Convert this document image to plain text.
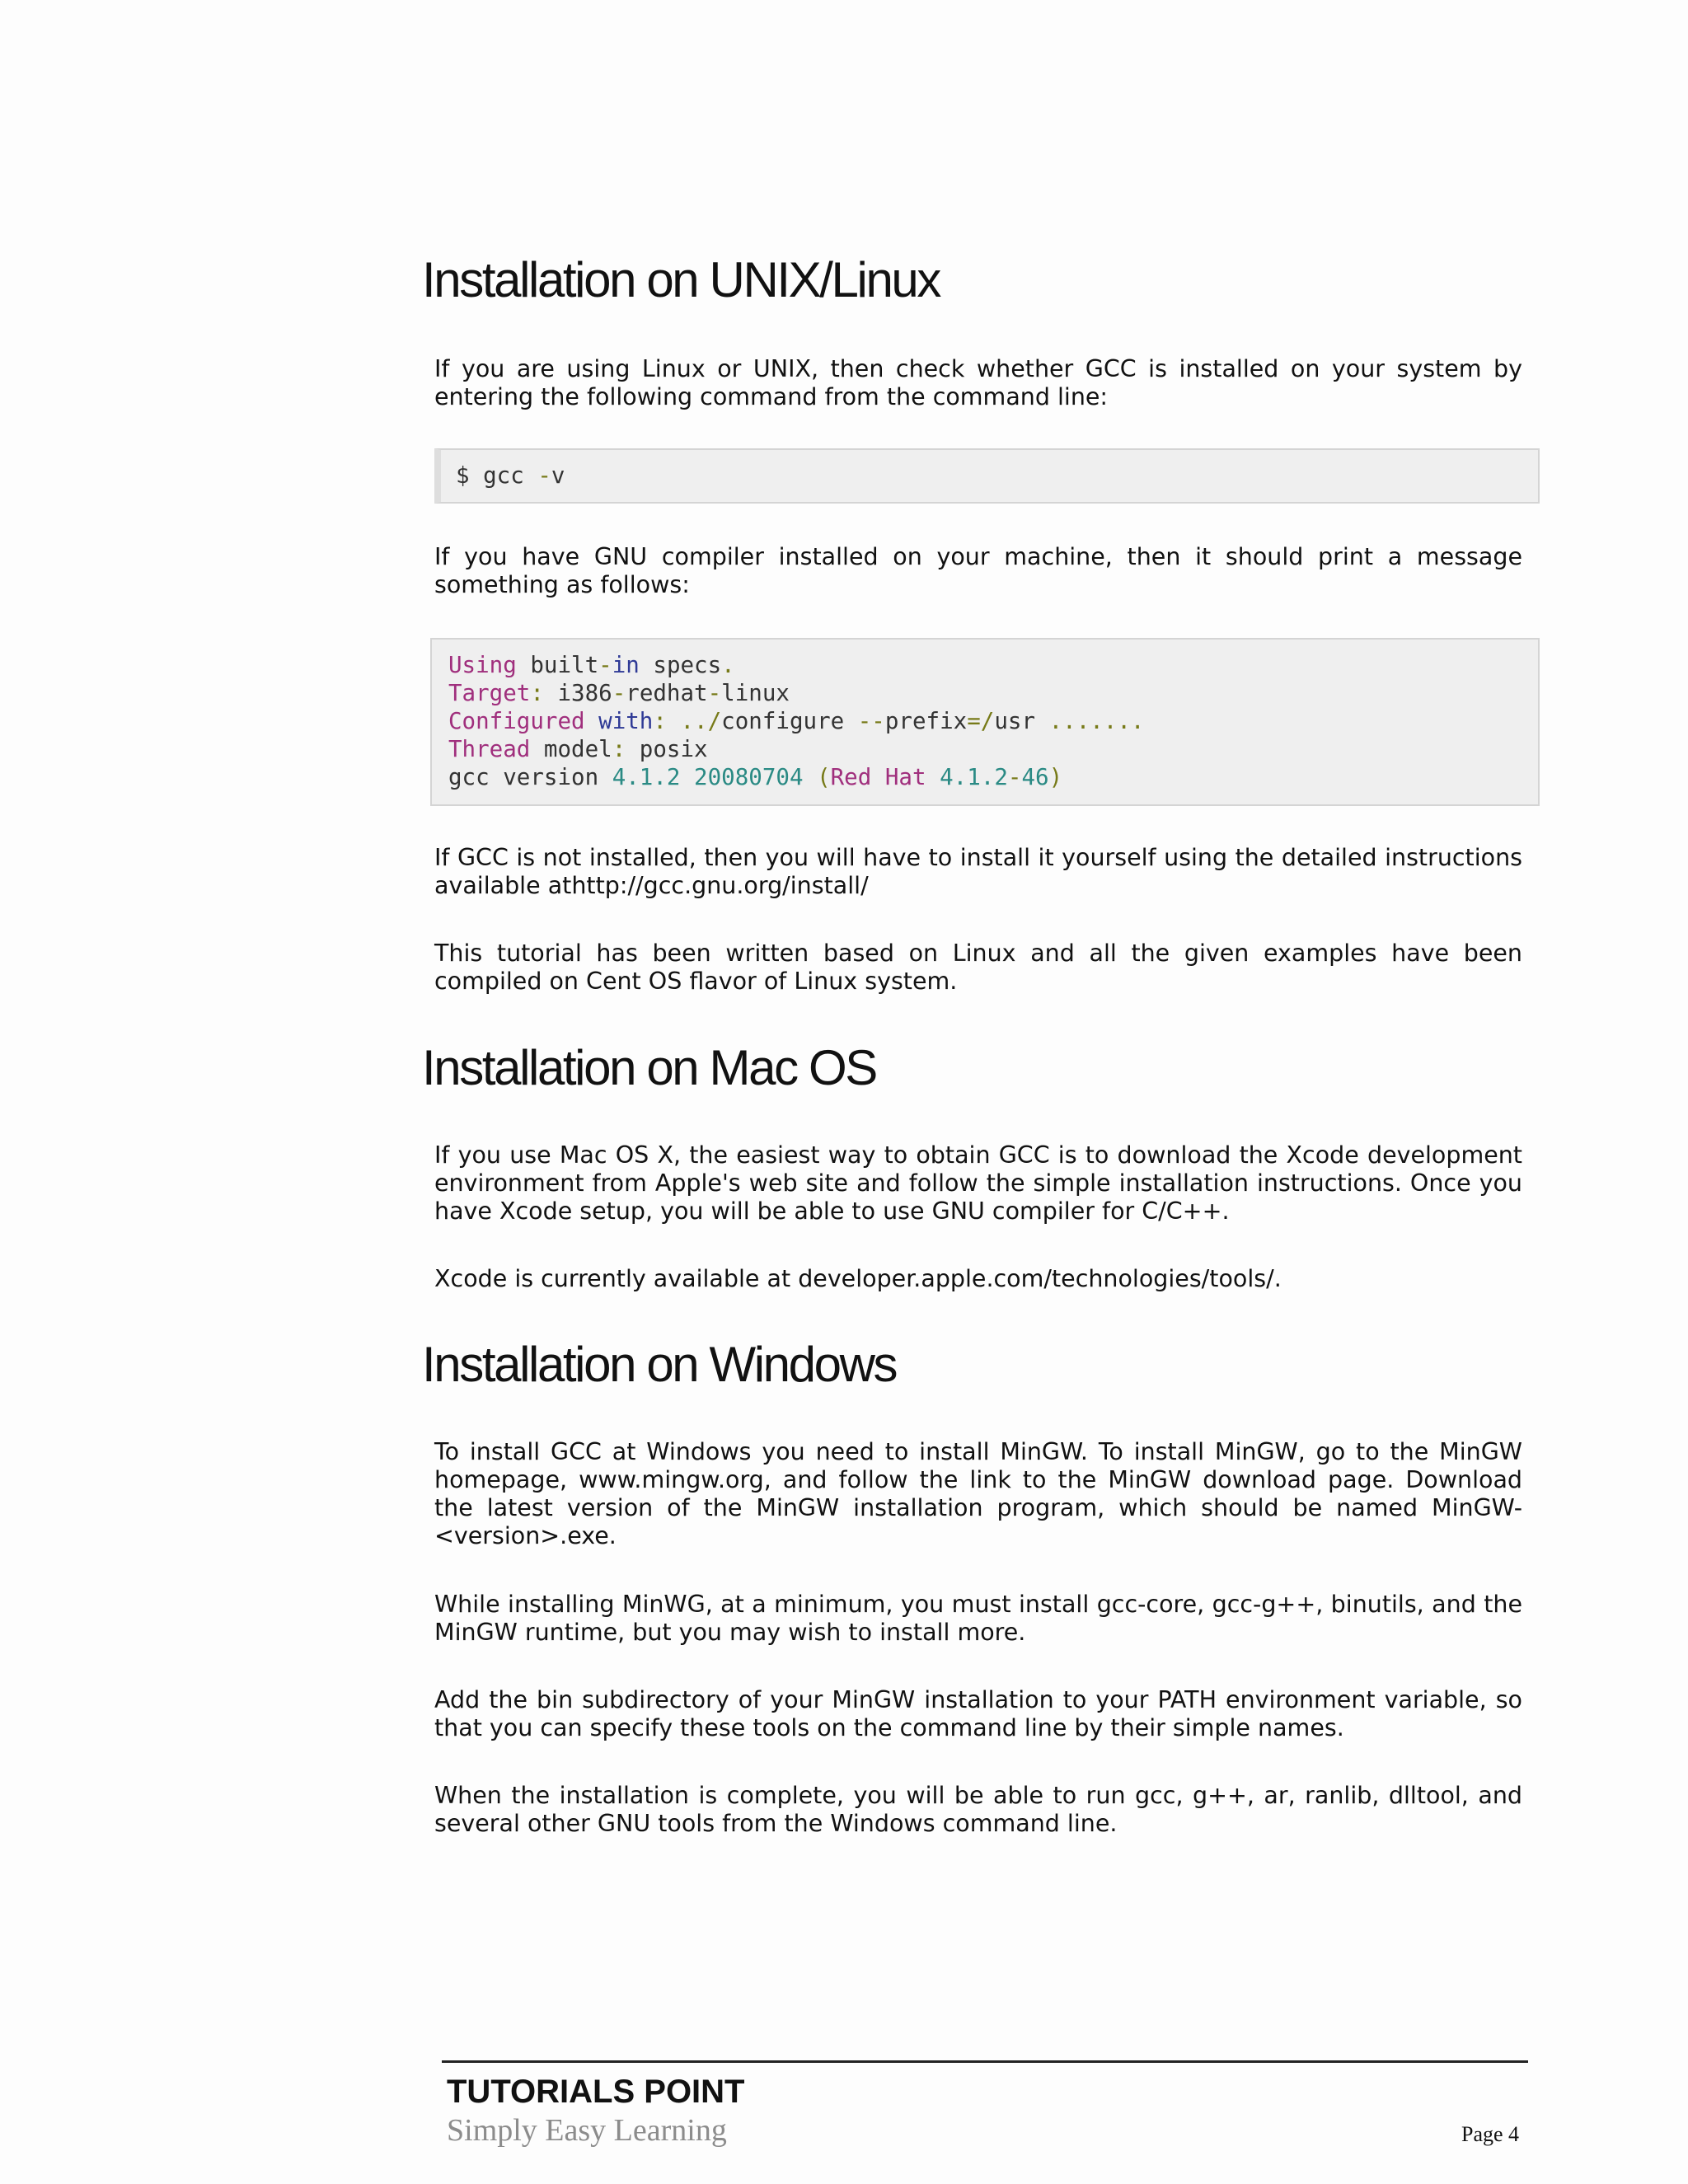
Installation on UNIX/Linux

If you are using Linux or UNIX, then check whether GCC is installed on your system by entering the following command from the command line:

$ gcc -v

If you have GNU compiler installed on your machine, then it should print a message something as follows:

Using built-in specs.
Target: i386-redhat-linux
Configured with: ../configure --prefix=/usr .......
Thread model: posix
gcc version 4.1.2 20080704 (Red Hat 4.1.2-46)

If GCC is not installed, then you will have to install it yourself using the detailed instructions available athttp://gcc.gnu.org/install/

This tutorial has been written based on Linux and all the given examples have been compiled on Cent OS flavor of Linux system.

Installation on Mac OS

If you use Mac OS X, the easiest way to obtain GCC is to download the Xcode development environment from Apple's web site and follow the simple installation instructions. Once you have Xcode setup, you will be able to use GNU compiler for C/C++.

Xcode is currently available at developer.apple.com/technologies/tools/.

Installation on Windows

To install GCC at Windows you need to install MinGW. To install MinGW, go to the MinGW homepage, www.mingw.org, and follow the link to the MinGW download page. Download the latest version of the MinGW installation program, which should be named MinGW-<version>.exe.

While installing MinWG, at a minimum, you must install gcc-core, gcc-g++, binutils, and the MinGW runtime, but you may wish to install more.

Add the bin subdirectory of your MinGW installation to your PATH environment variable, so that you can specify these tools on the command line by their simple names.

When the installation is complete, you will be able to run gcc, g++, ar, ranlib, dlltool, and several other GNU tools from the Windows command line.

TUTORIALS POINT
Simply Easy Learning	Page 4
